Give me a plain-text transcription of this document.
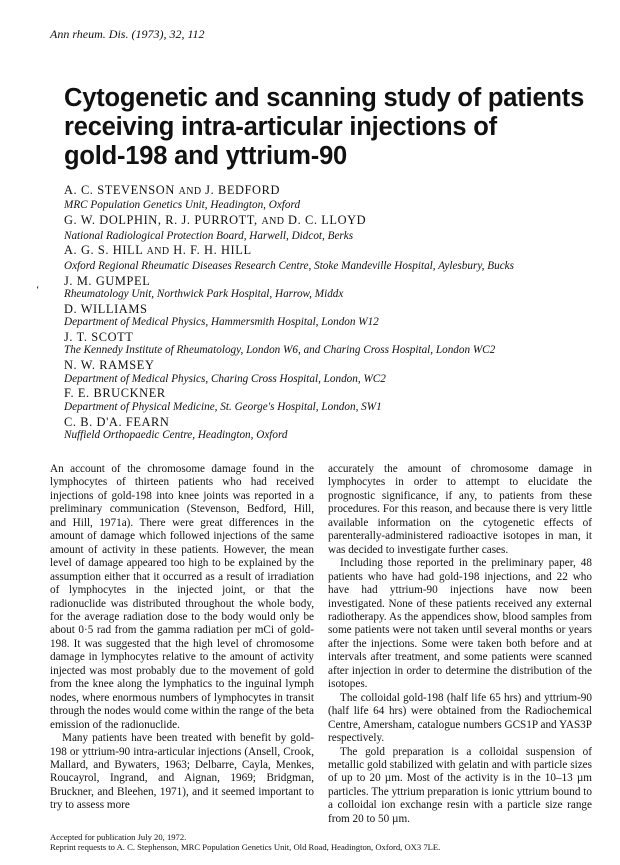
Ann rheum. Dis. (1973), 32, 112
‘
Cytogenetic and scanning study of patients
receiving intra-articular injections of
gold-198 and yttrium-90
A. C. STEVENSON AND J. BEDFORD
MRC Population Genetics Unit, Headington, Oxford
G. W. DOLPHIN, R. J. PURROTT, AND D. C. LLOYD
National Radiological Protection Board, Harwell, Didcot, Berks
A. G. S. HILL AND H. F. H. HILL
Oxford Regional Rheumatic Diseases Research Centre, Stoke Mandeville Hospital, Aylesbury, Bucks
J. M. GUMPEL
Rheumatology Unit, Northwick Park Hospital, Harrow, Middx
D. WILLIAMS
Department of Medical Physics, Hammersmith Hospital, London W12
J. T. SCOTT
The Kennedy Institute of Rheumatology, London W6, and Charing Cross Hospital, London WC2
N. W. RAMSEY
Department of Medical Physics, Charing Cross Hospital, London, WC2
F. E. BRUCKNER
Department of Physical Medicine, St. George's Hospital, London, SW1
C. B. D'A. FEARN
Nuffield Orthopaedic Centre, Headington, Oxford

An account of the chromosome damage found in the lymphocytes of thirteen patients who had received injections of gold-198 into knee joints was reported in a preliminary communication (Stevenson, Bedford, Hill, and Hill, 1971a). There were great differences in the amount of damage which followed injections of the same amount of activity in these patients. However, the mean level of damage appeared too high to be explained by the assumption either that it occurred as a result of irradiation of lymphocytes in the injected joint, or that the radionuclide was distributed throughout the whole body, for the average radiation dose to the body would only be about 0·5 rad from the gamma radiation per mCi of gold-198. It was suggested that the high level of chromosome damage in lymphocytes relative to the amount of activity injected was most probably due to the movement of gold from the knee along the lymphatics to the inguinal lymph nodes, where enormous numbers of lymphocytes in transit through the nodes would come within the range of the beta emission of the radionuclide.

Many patients have been treated with benefit by gold-198 or yttrium-90 intra-articular injections (Ansell, Crook, Mallard, and Bywaters, 1963; Delbarre, Cayla, Menkes, Roucayrol, Ingrand, and Aignan, 1969; Bridgman, Bruckner, and Bleehen, 1971), and it seemed important to try to assess more

accurately the amount of chromosome damage in lymphocytes in order to attempt to elucidate the prognostic significance, if any, to patients from these procedures. For this reason, and because there is very little available information on the cytogenetic effects of parenterally-administered radioactive isotopes in man, it was decided to investigate further cases.

Including those reported in the preliminary paper, 48 patients who have had gold-198 injections, and 22 who have had yttrium-90 injections have now been investigated. None of these patients received any external radiotherapy. As the appendices show, blood samples from some patients were not taken until several months or years after the injections. Some were taken both before and at intervals after treatment, and some patients were scanned after injection in order to determine the distribution of the isotopes.

The colloidal gold-198 (half life 65 hrs) and yttrium-90 (half life 64 hrs) were obtained from the Radiochemical Centre, Amersham, catalogue numbers GCS1P and YAS3P respectively.

The gold preparation is a colloidal suspension of metallic gold stabilized with gelatin and with particle sizes of up to 20 µm. Most of the activity is in the 10–13 µm particles. The yttrium preparation is ionic yttrium bound to a colloidal ion exchange resin with a particle size range from 20 to 50 µm.

Accepted for publication July 20, 1972.
Reprint requests to A. C. Stephenson, MRC Population Genetics Unit, Old Road, Headington, Oxford, OX3 7LE.
